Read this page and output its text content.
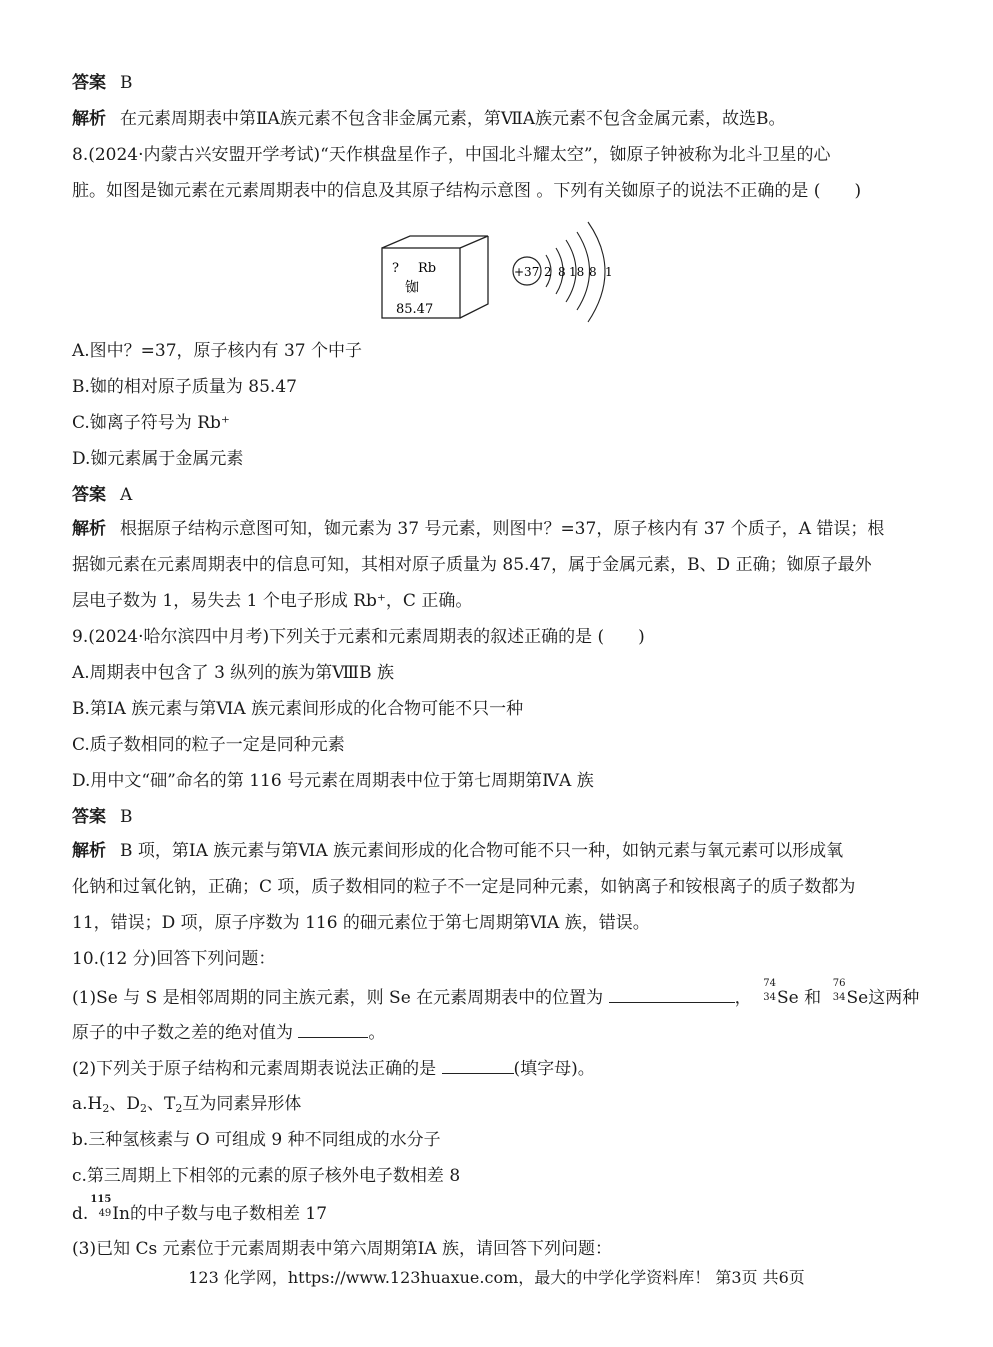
答案 B
解析 在元素周期表中第ⅡA族元素不包含非金属元素，第ⅦA族元素不包含金属元素，故选B。
8.(2024·内蒙古兴安盟开学考试)“天作棋盘星作子，中国北斗耀太空”，铷原子钟被称为北斗卫星的心
脏。如图是铷元素在元素周期表中的信息及其原子结构示意图 。下列有关铷原子的说法不正确的是 (　　)
? Rb
铷
85.47
+37 2 8 18 8 1
A.图中？=37，原子核内有 37 个中子
B.铷的相对原子质量为 85.47
C.铷离子符号为 Rb⁺
D.铷元素属于金属元素
答案 A
解析 根据原子结构示意图可知，铷元素为 37 号元素，则图中？=37，原子核内有 37 个质子，A 错误；根
据铷元素在元素周期表中的信息可知，其相对原子质量为 85.47，属于金属元素，B、D 正确；铷原子最外
层电子数为 1，易失去 1 个电子形成 Rb⁺，C 正确。
9.(2024·哈尔滨四中月考)下列关于元素和元素周期表的叙述正确的是 (　　)
A.周期表中包含了 3 纵列的族为第ⅧB 族
B.第ⅠA 族元素与第ⅥA 族元素间形成的化合物可能不只一种
C.质子数相同的粒子一定是同种元素
D.用中文“鿬”命名的第 116 号元素在周期表中位于第七周期第ⅣA 族
答案 B
解析 B 项，第ⅠA 族元素与第ⅥA 族元素间形成的化合物可能不只一种，如钠元素与氧元素可以形成氧
化钠和过氧化钠，正确；C 项，质子数相同的粒子不一定是同种元素，如钠离子和铵根离子的质子数都为
11，错误；D 项，原子序数为 116 的鿬元素位于第七周期第ⅥA 族，错误。
10.(12 分)回答下列问题：
(1)Se 与 S 是相邻周期的同主族元素，则 Se 在元素周期表中的位置为	，
74
34 Se 和
76
34 Se这两种
原子的中子数之差的绝对值为	。
(2)下列关于原子结构和元素周期表说法正确的是	(填字母)。
a.H2、D2、T2互为同素异形体
b.三种氢核素与 O 可组成 9 种不同组成的水分子
c.第三周期上下相邻的元素的原子核外电子数相差 8
d.
115
49 In的中子数与电子数相差 17
(3)已知 Cs 元素位于元素周期表中第六周期第ⅠA 族，请回答下列问题：
123 化学网，https://www.123huaxue.com，最大的中学化学资料库！ 第3页 共6页
